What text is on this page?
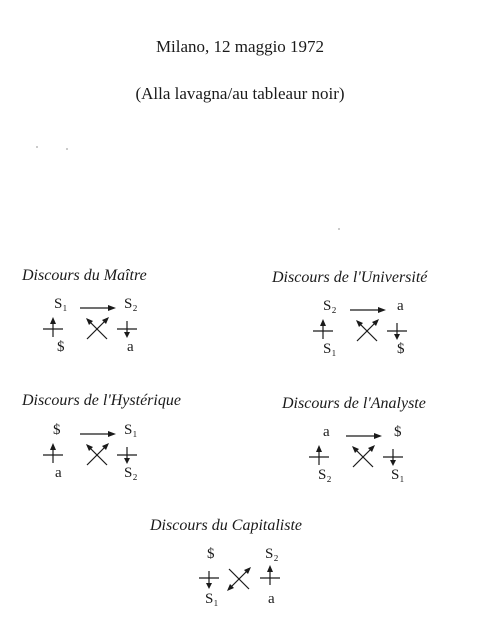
Milano, 12 maggio 1972
(Alla lavagna/au tableaur noir)
Discours du Maître
S₁	S₂
$	a
Discours de l'Université
S₂	a
S₁	$
Discours de l'Hystérique
$	S₁
a	S₂
Discours de l'Analyste
a	$
S₂	S₁
Discours du Capitaliste
$	S₂
S₁	a
